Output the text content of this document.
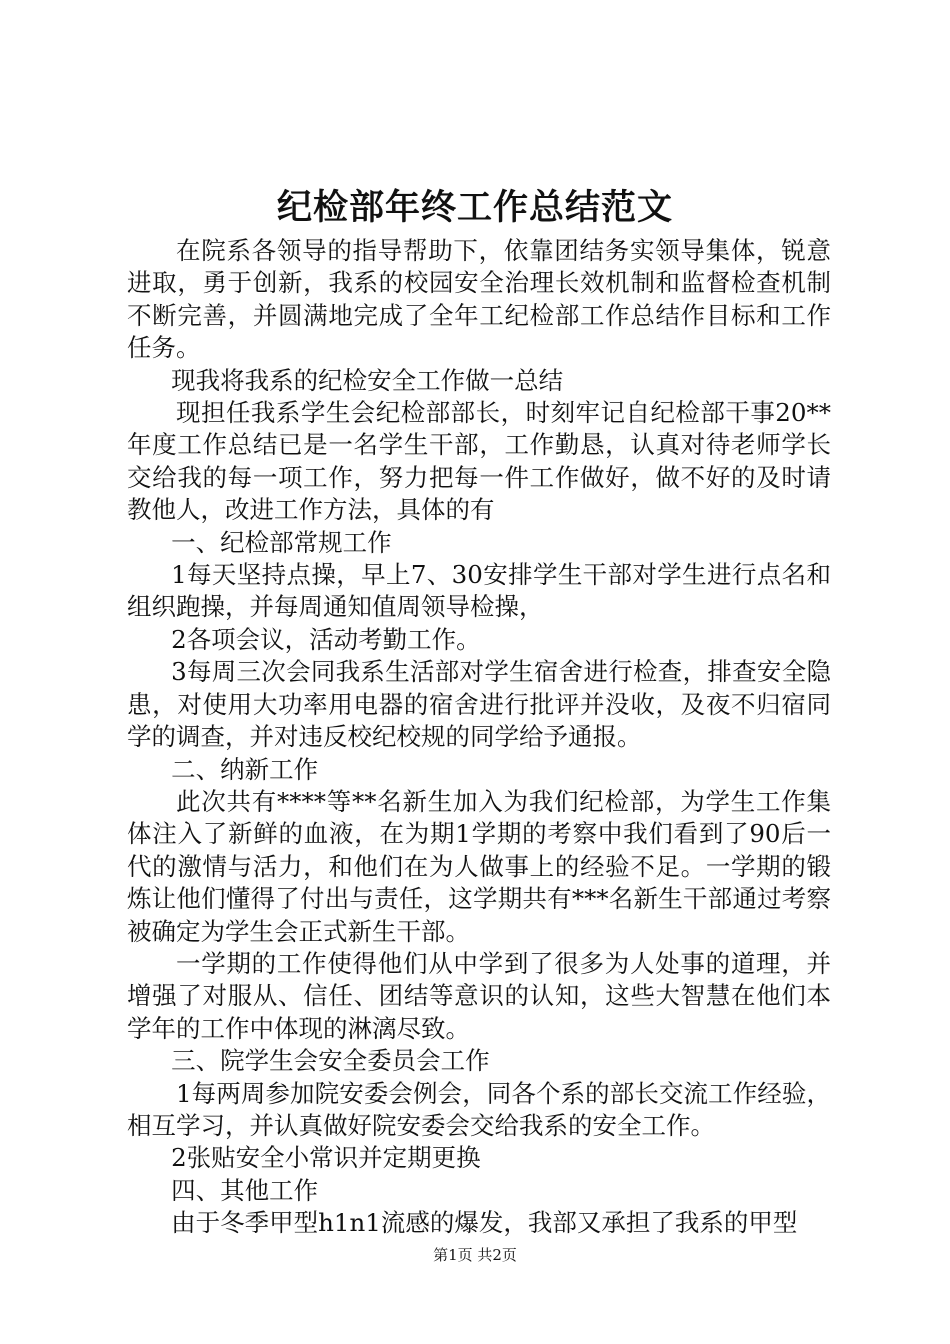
纪检部年终工作总结范文

在院系各领导的指导帮助下，依靠团结务实领导集体，锐意进取，勇于创新，我系的校园安全治理长效机制和监督检查机制不断完善，并圆满地完成了全年工纪检部工作总结作目标和工作任务。

现我将我系的纪检安全工作做一总结

现担任我系学生会纪检部部长，时刻牢记自纪检部干事20**年度工作总结已是一名学生干部，工作勤恳，认真对待老师学长交给我的每一项工作，努力把每一件工作做好，做不好的及时请教他人，改进工作方法，具体的有

一、纪检部常规工作

1每天坚持点操，早上7、30安排学生干部对学生进行点名和组织跑操，并每周通知值周领导检操，

2各项会议，活动考勤工作。

3每周三次会同我系生活部对学生宿舍进行检查，排查安全隐患，对使用大功率用电器的宿舍进行批评并没收，及夜不归宿同学的调查，并对违反校纪校规的同学给予通报。

二、纳新工作

此次共有****等**名新生加入为我们纪检部，为学生工作集体注入了新鲜的血液，在为期1学期的考察中我们看到了90后一代的激情与活力，和他们在为人做事上的经验不足。一学期的锻炼让他们懂得了付出与责任，这学期共有***名新生干部通过考察被确定为学生会正式新生干部。

一学期的工作使得他们从中学到了很多为人处事的道理，并增强了对服从、信任、团结等意识的认知，这些大智慧在他们本学年的工作中体现的淋漓尽致。

三、院学生会安全委员会工作

1每两周参加院安委会例会，同各个系的部长交流工作经验，相互学习，并认真做好院安委会交给我系的安全工作。

2张贴安全小常识并定期更换

四、其他工作

由于冬季甲型h1n1流感的爆发，我部又承担了我系的甲型

第1页 共2页
